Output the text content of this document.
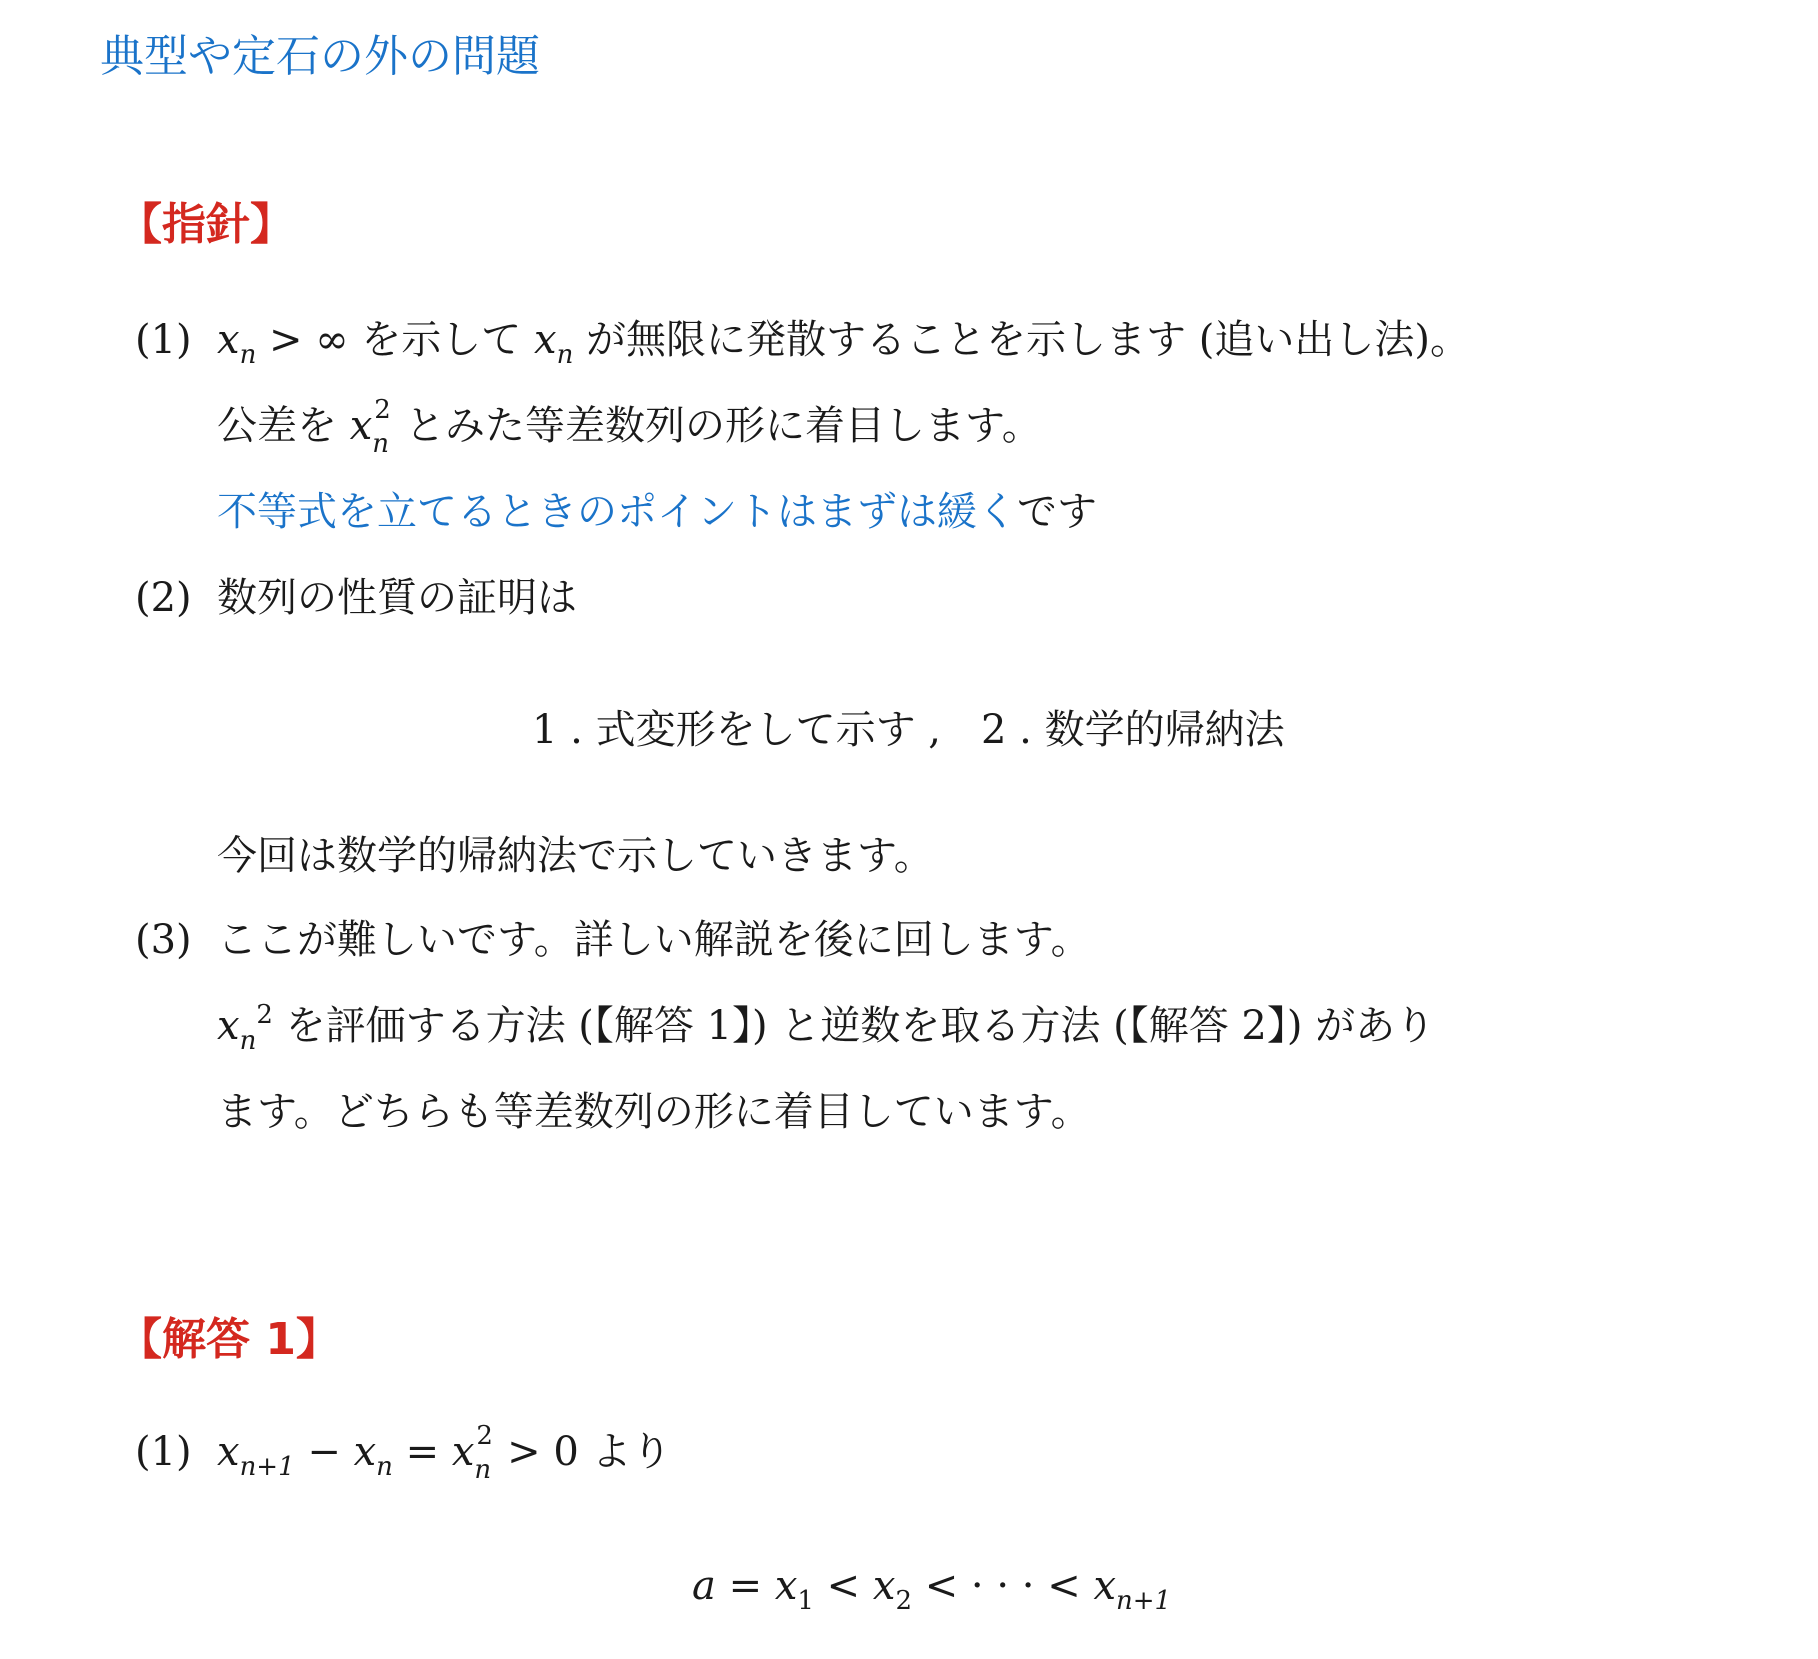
典型や定石の外の問題
【指針】
(1) $x_n$ > ∞ を示して $x_n$ が無限に発散することを示します (追い出し法)。
公差を x 2
n とみた等差数列の形に着目します。
不等式を立てるときのポイントはまずは緩くです
(2) 数列の性質の証明は
1 . 式変形をして示す ,　2 . 数学的帰納法
今回は数学的帰納法で示していきます。
(3) ここが難しいです。詳しい解説を後に回します。
$x_n^2$ を評価する方法 (【解答 1】) と逆数を取る方法 (【解答 2】) があり
ます。どちらも等差数列の形に着目しています。
【解答 1】
(1) $x_{n+1} - x_n = x$ 2
n > 0 より
$a = x_1 < x_2$ < · · · < $x_{n+1}$
